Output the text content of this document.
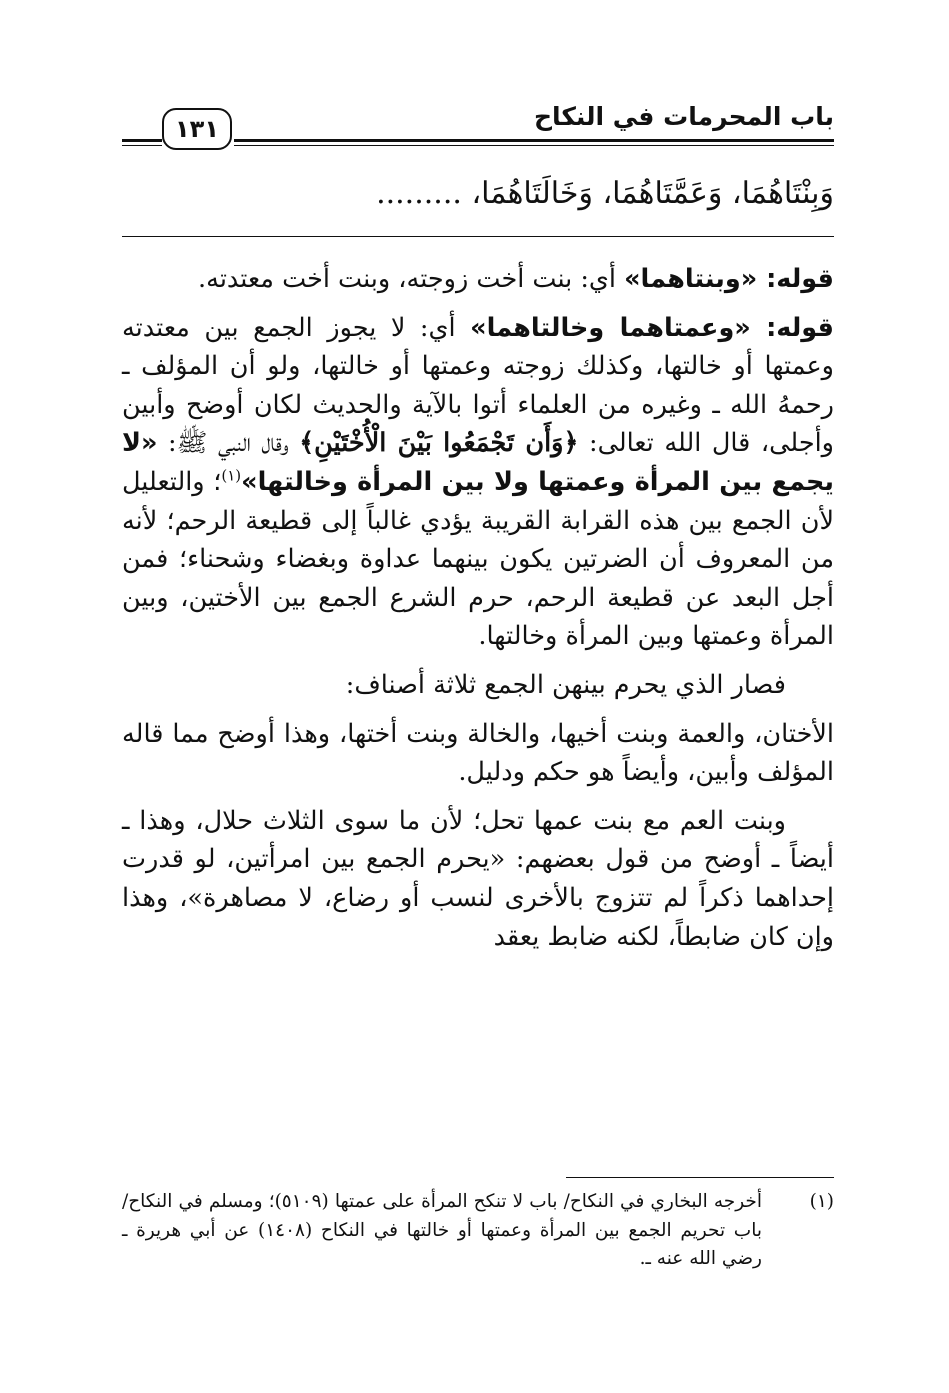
باب المحرمات في النكاح
١٣١
وَبِنْتَاهُمَا، وَعَمَّتَاهُمَا، وَخَالَتَاهُمَا، .........

قوله: «وبنتاهما» أي: بنت أخت زوجته، وبنت أخت معتدته.

قوله: «وعمتاهما وخالتاهما» أي: لا يجوز الجمع بين معتدته وعمتها أو خالتها، وكذلك زوجته وعمتها أو خالتها، ولو أن المؤلف ـ رحمهُ الله ـ وغيره من العلماء أتوا بالآية والحديث لكان أوضح وأبين وأجلى، قال الله تعالى: ﴿وَأَن تَجْمَعُوا بَيْنَ الْأُخْتَيْنِ﴾ وقال النبي ﷺ: «لا يجمع بين المرأة وعمتها ولا بين المرأة وخالتها»$^{(١)}$؛ والتعليل لأن الجمع بين هذه القرابة القريبة يؤدي غالباً إلى قطيعة الرحم؛ لأنه من المعروف أن الضرتين يكون بينهما عداوة وبغضاء وشحناء؛ فمن أجل البعد عن قطيعة الرحم، حرم الشرع الجمع بين الأختين، وبين المرأة وعمتها وبين المرأة وخالتها.

فصار الذي يحرم بينهن الجمع ثلاثة أصناف:

الأختان، والعمة وبنت أخيها، والخالة وبنت أختها، وهذا أوضح مما قاله المؤلف وأبين، وأيضاً هو حكم ودليل.

وبنت العم مع بنت عمها تحل؛ لأن ما سوى الثلاث حلال، وهذا ـ أيضاً ـ أوضح من قول بعضهم: «يحرم الجمع بين امرأتين، لو قدرت إحداهما ذكراً لم تتزوج بالأخرى لنسب أو رضاع، لا مصاهرة»، وهذا وإن كان ضابطاً، لكنه ضابط يعقد

(١)
أخرجه البخاري في النكاح/ باب لا تنكح المرأة على عمتها (٥١٠٩)؛ ومسلم في النكاح/ باب تحريم الجمع بين المرأة وعمتها أو خالتها في النكاح (١٤٠٨) عن أبي هريرة ـ رضي الله عنه ـ.
